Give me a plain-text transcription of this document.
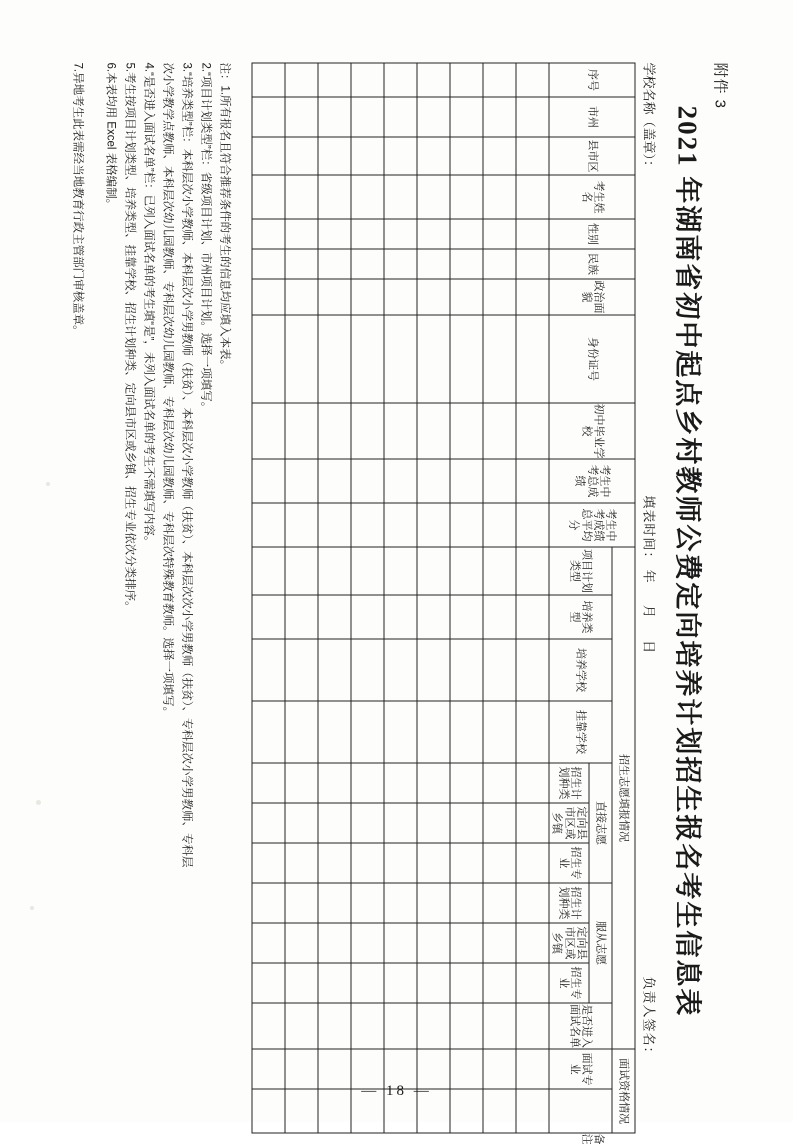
附件 3
2021 年湖南省初中起点乡村教师公费定向培养计划招生报名考生信息表
学校名称（盖章）：
填表时间： 年     月     日
负责人签名：
序号	市州	县市区	考生姓名	性别	民族	政治面貌	身份证号	初中毕业学校	考生中考总成绩	考生中考成绩总平均分	招生志愿填报情况											面试资格情况		备注
											项目计划类型	培养类型	培养学校	挂靠学校	直接志愿			服从志愿			是否进入面试名单	面试专业		
															招生计划种类	定向县市区或乡镇	招生专业	招生计划种类	定向县市区或乡镇	招生专业				

注：1.所有报名且符合推荐条件的考生的信息均应填入本表。
2.“项目计划类型”栏：省级项目计划、市州项目计划。选择一项填写。
3.“培养类型”栏：本科层次小学教师、本科层次小学男教师（扶贫）、本科层次小学教师（扶贫）、本科层次次小学男教师（扶贫）、专科层次小学男教师、专科层
次小学教学点教师、本科层次幼儿园教师、专科层次幼儿园教师、专科层次幼儿园教师、专科层次特殊教育教师。选择一项填写。
4.“是否进入面试名单”栏：已列入面试名单的考生填“是”，未列入面试名单的考生不需填写内容。
5.考生按项目计划类型、培养类型、挂靠学校、招生计划种类、定向县市区或乡镇、招生专业依次分类排序。
6.本表均用 Excel 表格编制。
7.异地考生此表需经当地教育行政主管部门审核盖章。
— 18 —
